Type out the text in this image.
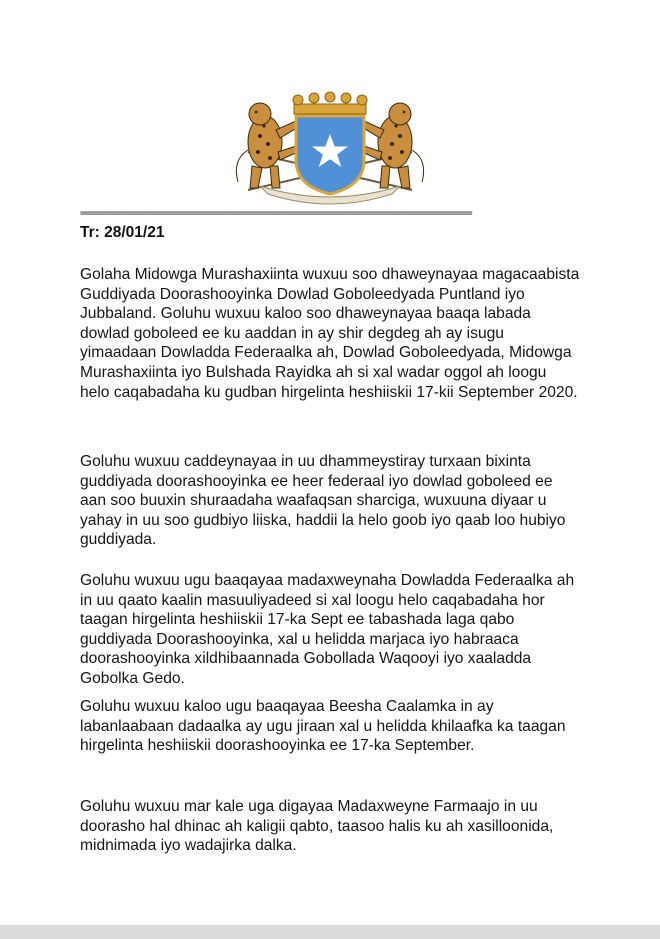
==============================================================================
Tr: 28/01/21

Golaha Midowga Murashaxiinta wuxuu soo dhaweynayaa magacaabista Guddiyada Doorashooyinka Dowlad Goboleedyada Puntland iyo Jubbaland. Goluhu wuxuu kaloo soo dhaweynayaa baaqa labada dowlad goboleed ee ku aaddan in ay shir degdeg ah ay isugu yimaadaan Dowladda Federaalka ah, Dowlad Goboleedyada, Midowga Murashaxiinta iyo Bulshada Rayidka ah si xal wadar oggol ah loogu helo caqabadaha ku gudban hirgelinta heshiiskii 17-kii September 2020.

Goluhu wuxuu caddeynayaa in uu dhammeystiray turxaan bixinta guddiyada doorashooyinka ee heer federaal iyo dowlad goboleed ee aan soo buuxin shuraadaha waafaqsan sharciga, wuxuuna diyaar u yahay in uu soo gudbiyo liiska, haddii la helo goob iyo qaab loo hubiyo guddiyada.

Goluhu wuxuu ugu baaqayaa madaxweynaha Dowladda Federaalka ah in uu qaato kaalin masuuliyadeed si xal loogu helo caqabadaha hor taagan hirgelinta heshiiskii 17-ka Sept ee tabashada laga qabo guddiyada Doorashooyinka, xal u helidda marjaca iyo habraaca doorashooyinka xildhibaannada Gobollada Waqooyi iyo xaaladda Gobolka Gedo.

Goluhu wuxuu kaloo ugu baaqayaa Beesha Caalamka in ay labanlaabaan dadaalka ay ugu jiraan xal u helidda khilaafka ka taagan hirgelinta heshiiskii doorashooyinka ee 17-ka September.

Goluhu wuxuu mar kale uga digayaa Madaxweyne Farmaajo in uu doorasho hal dhinac ah kaligii qabto, taasoo halis ku ah xasilloonida, midnimada iyo wadajirka dalka.
